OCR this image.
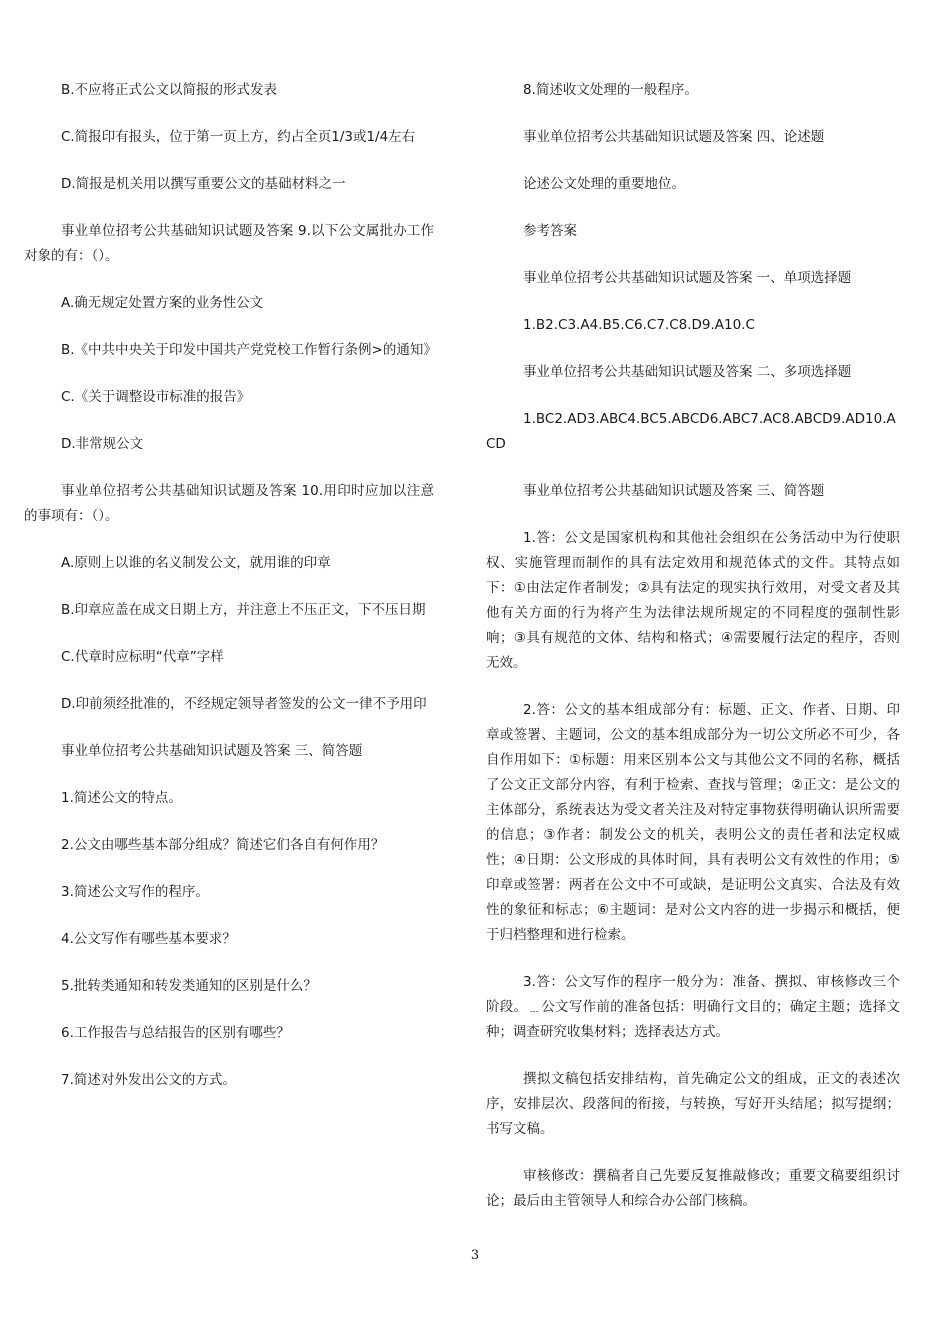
B.不应将正式公文以简报的形式发表

C.简报印有报头，位于第一页上方，约占全页1/3或1/4左右

D.简报是机关用以撰写重要公文的基础材料之一

事业单位招考公共基础知识试题及答案 9.以下公文属批办工作对象的有：（）。

A.确无规定处置方案的业务性公文

B.《中共中央关于印发中国共产党党校工作暂行条例>的通知》

C.《关于调整设市标准的报告》

D.非常规公文

事业单位招考公共基础知识试题及答案 10.用印时应加以注意的事项有：（）。

A.原则上以谁的名义制发公文，就用谁的印章

B.印章应盖在成文日期上方，并注意上不压正文，下不压日期

C.代章时应标明“代章”字样

D.印前须经批准的，不经规定领导者签发的公文一律不予用印

事业单位招考公共基础知识试题及答案 三、简答题

1.简述公文的特点。

2.公文由哪些基本部分组成？简述它们各自有何作用？

3.简述公文写作的程序。

4.公文写作有哪些基本要求？

5.批转类通知和转发类通知的区别是什么？

6.工作报告与总结报告的区别有哪些？

7.简述对外发出公文的方式。

8.简述收文处理的一般程序。

事业单位招考公共基础知识试题及答案 四、论述题

论述公文处理的重要地位。

参考答案

事业单位招考公共基础知识试题及答案 一、单项选择题

1.B2.C3.A4.B5.C6.C7.C8.D9.A10.C

事业单位招考公共基础知识试题及答案 二、多项选择题

1.BC2.AD3.ABC4.BC5.ABCD6.ABC7.AC8.ABCD9.AD10.ACD

事业单位招考公共基础知识试题及答案 三、简答题

1.答：公文是国家机构和其他社会组织在公务活动中为行使职权、实施管理而制作的具有法定效用和规范体式的文件。其特点如下：①由法定作者制发；②具有法定的现实执行效用，对受文者及其他有关方面的行为将产生为法律法规所规定的不同程度的强制性影响；③具有规范的文体、结构和格式；④需要履行法定的程序，否则无效。

2.答：公文的基本组成部分有：标题、正文、作者、日期、印章或签署、主题词，公文的基本组成部分为一切公文所必不可少，各自作用如下：①标题：用来区别本公文与其他公文不同的名称，概括了公文正文部分内容，有利于检索、查找与管理；②正文：是公文的主体部分，系统表达为受文者关注及对特定事物获得明确认识所需要的信息；③作者：制发公文的机关，表明公文的责任者和法定权威性；④日期：公文形成的具体时间，具有表明公文有效性的作用；⑤印章或签署：两者在公文中不可或缺，是证明公文真实、合法及有效性的象征和标志；⑥主题词：是对公文内容的进一步揭示和概括，便于归档整理和进行检索。

3.答：公文写作的程序一般分为：准备、撰拟、审核修改三个阶段。﹍公文写作前的准备包括：明确行文目的；确定主题；选择文种；调查研究收集材料；选择表达方式。

撰拟文稿包括安排结构，首先确定公文的组成，正文的表述次序，安排层次、段落间的衔接，与转换，写好开头结尾；拟写提纲；书写文稿。

审核修改：撰稿者自己先要反复推敲修改；重要文稿要组织讨论；最后由主管领导人和综合办公部门核稿。

3
